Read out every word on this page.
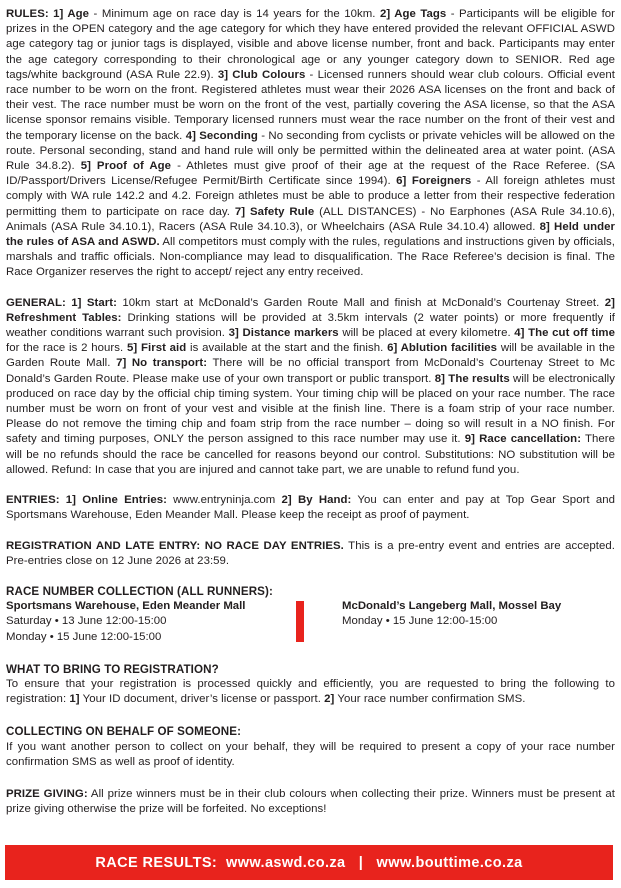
RULES: 1] Age - Minimum age on race day is 14 years for the 10km. 2] Age Tags - Participants will be eligible for prizes in the OPEN category and the age category for which they have entered provided the relevant OFFICIAL ASWD age category tag or junior tags is displayed, visible and above license number, front and back. Participants may enter the age category corresponding to their chronological age or any younger category down to SENIOR. Red age tags/white background (ASA Rule 22.9). 3] Club Colours - Licensed runners should wear club colours. Official event race number to be worn on the front. Registered athletes must wear their 2026 ASA licenses on the front and back of their vest. The race number must be worn on the front of the vest, partially covering the ASA license, so that the ASA license sponsor remains visible. Temporary licensed runners must wear the race number on the front of their vest and the temporary license on the back. 4] Seconding - No seconding from cyclists or private vehicles will be allowed on the route. Personal seconding, stand and hand rule will only be permitted within the delineated area at water point. (ASA Rule 34.8.2). 5] Proof of Age - Athletes must give proof of their age at the request of the Race Referee. (SA ID/Passport/Drivers License/Refugee Permit/Birth Certificate since 1994). 6] Foreigners - All foreign athletes must comply with WA rule 142.2 and 4.2. Foreign athletes must be able to produce a letter from their respective federation permitting them to participate on race day. 7] Safety Rule (ALL DISTANCES) - No Earphones (ASA Rule 34.10.6), Animals (ASA Rule 34.10.1), Racers (ASA Rule 34.10.3), or Wheelchairs (ASA Rule 34.10.4) allowed. 8] Held under the rules of ASA and ASWD. All competitors must comply with the rules, regulations and instructions given by officials, marshals and traffic officials. Non-compliance may lead to disqualification. The Race Referee’s decision is final. The Race Organizer reserves the right to accept/ reject any entry received.

GENERAL: 1] Start: 10km start at McDonald’s Garden Route Mall and finish at McDonald’s Courtenay Street. 2] Refreshment Tables: Drinking stations will be provided at 3.5km intervals (2 water points) or more frequently if weather conditions warrant such provision. 3] Distance markers will be placed at every kilometre. 4] The cut off time for the race is 2 hours. 5] First aid is available at the start and the finish. 6] Ablution facilities will be available in the Garden Route Mall. 7] No transport: There will be no official transport from McDonald’s Courtenay Street to Mc Donald’s Garden Route. Please make use of your own transport or public transport. 8] The results will be electronically produced on race day by the official chip timing system. Your timing chip will be placed on your race number. The race number must be worn on front of your vest and visible at the finish line. There is a foam strip of your race number. Please do not remove the timing chip and foam strip from the race number – doing so will result in a NO finish. For safety and timing purposes, ONLY the person assigned to this race number may use it. 9] Race cancellation: There will be no refunds should the race be cancelled for reasons beyond our control. Substitutions: NO substitution will be allowed. Refund: In case that you are injured and cannot take part, we are unable to refund fund you.

ENTRIES: 1] Online Entries: www.entryninja.com 2] By Hand: You can enter and pay at Top Gear Sport and Sportsmans Warehouse, Eden Meander Mall. Please keep the receipt as proof of payment.

REGISTRATION AND LATE ENTRY: NO RACE DAY ENTRIES. This is a pre-entry event and entries are accepted. Pre-entries close on 12 June 2026 at 23:59.

RACE NUMBER COLLECTION (ALL RUNNERS):
Sportsmans Warehouse, Eden Meander Mall
Saturday • 13 June 12:00-15:00
Monday • 15 June 12:00-15:00
McDonald’s Langeberg Mall, Mossel Bay
Monday • 15 June 12:00-15:00
WHAT TO BRING TO REGISTRATION?

To ensure that your registration is processed quickly and efficiently, you are requested to bring the following to registration: 1] Your ID document, driver’s license or passport. 2] Your race number confirmation SMS.

COLLECTING ON BEHALF OF SOMEONE:

If you want another person to collect on your behalf, they will be required to present a copy of your race number confirmation SMS as well as proof of identity.

PRIZE GIVING: All prize winners must be in their club colours when collecting their prize. Winners must be present at prize giving otherwise the prize will be forfeited. No exceptions!

RACE RESULTS:  www.aswd.co.za   |   www.bouttime.co.za
